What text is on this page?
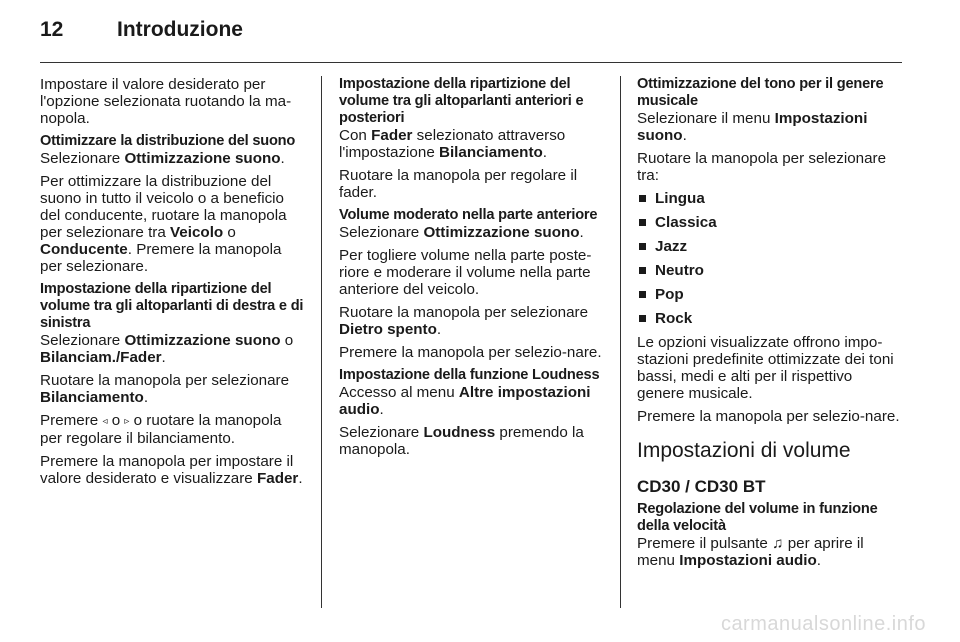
12	Introduzione

Impostare il valore desiderato per l'opzione selezionata ruotando la ma-nopola.

Ottimizzare la distribuzione del suono

Selezionare Ottimizzazione suono.

Per ottimizzare la distribuzione del suono in tutto il veicolo o a beneficio del conducente, ruotare la manopola per selezionare tra Veicolo o Conducente. Premere la manopola per selezionare.

Impostazione della ripartizione del volume tra gli altoparlanti di destra e di sinistra

Selezionare Ottimizzazione suono o Bilanciam./Fader.

Ruotare la manopola per selezionare Bilanciamento.

Premere ◃ o ▹ o ruotare la manopola per regolare il bilanciamento.

Premere la manopola per impostare il valore desiderato e visualizzare Fader.

Impostazione della ripartizione del volume tra gli altoparlanti anteriori e posteriori

Con Fader selezionato attraverso l'impostazione Bilanciamento.

Ruotare la manopola per regolare il fader.

Volume moderato nella parte anteriore

Selezionare Ottimizzazione suono.

Per togliere volume nella parte poste-riore e moderare il volume nella parte anteriore del veicolo.

Ruotare la manopola per selezionare Dietro spento.

Premere la manopola per selezio-nare.

Impostazione della funzione Loudness

Accesso al menu Altre impostazioni audio.

Selezionare Loudness premendo la manopola.

Ottimizzazione del tono per il genere musicale

Selezionare il menu Impostazioni suono.

Ruotare la manopola per selezionare tra:

Lingua
Classica
Jazz
Neutro
Pop
Rock

Le opzioni visualizzate offrono impo-stazioni predefinite ottimizzate dei toni bassi, medi e alti per il rispettivo genere musicale.

Premere la manopola per selezio-nare.

Impostazioni di volume
CD30 / CD30 BT

Regolazione del volume in funzione della velocità

Premere il pulsante ♫ per aprire il menu Impostazioni audio.

carmanualsonline.info
